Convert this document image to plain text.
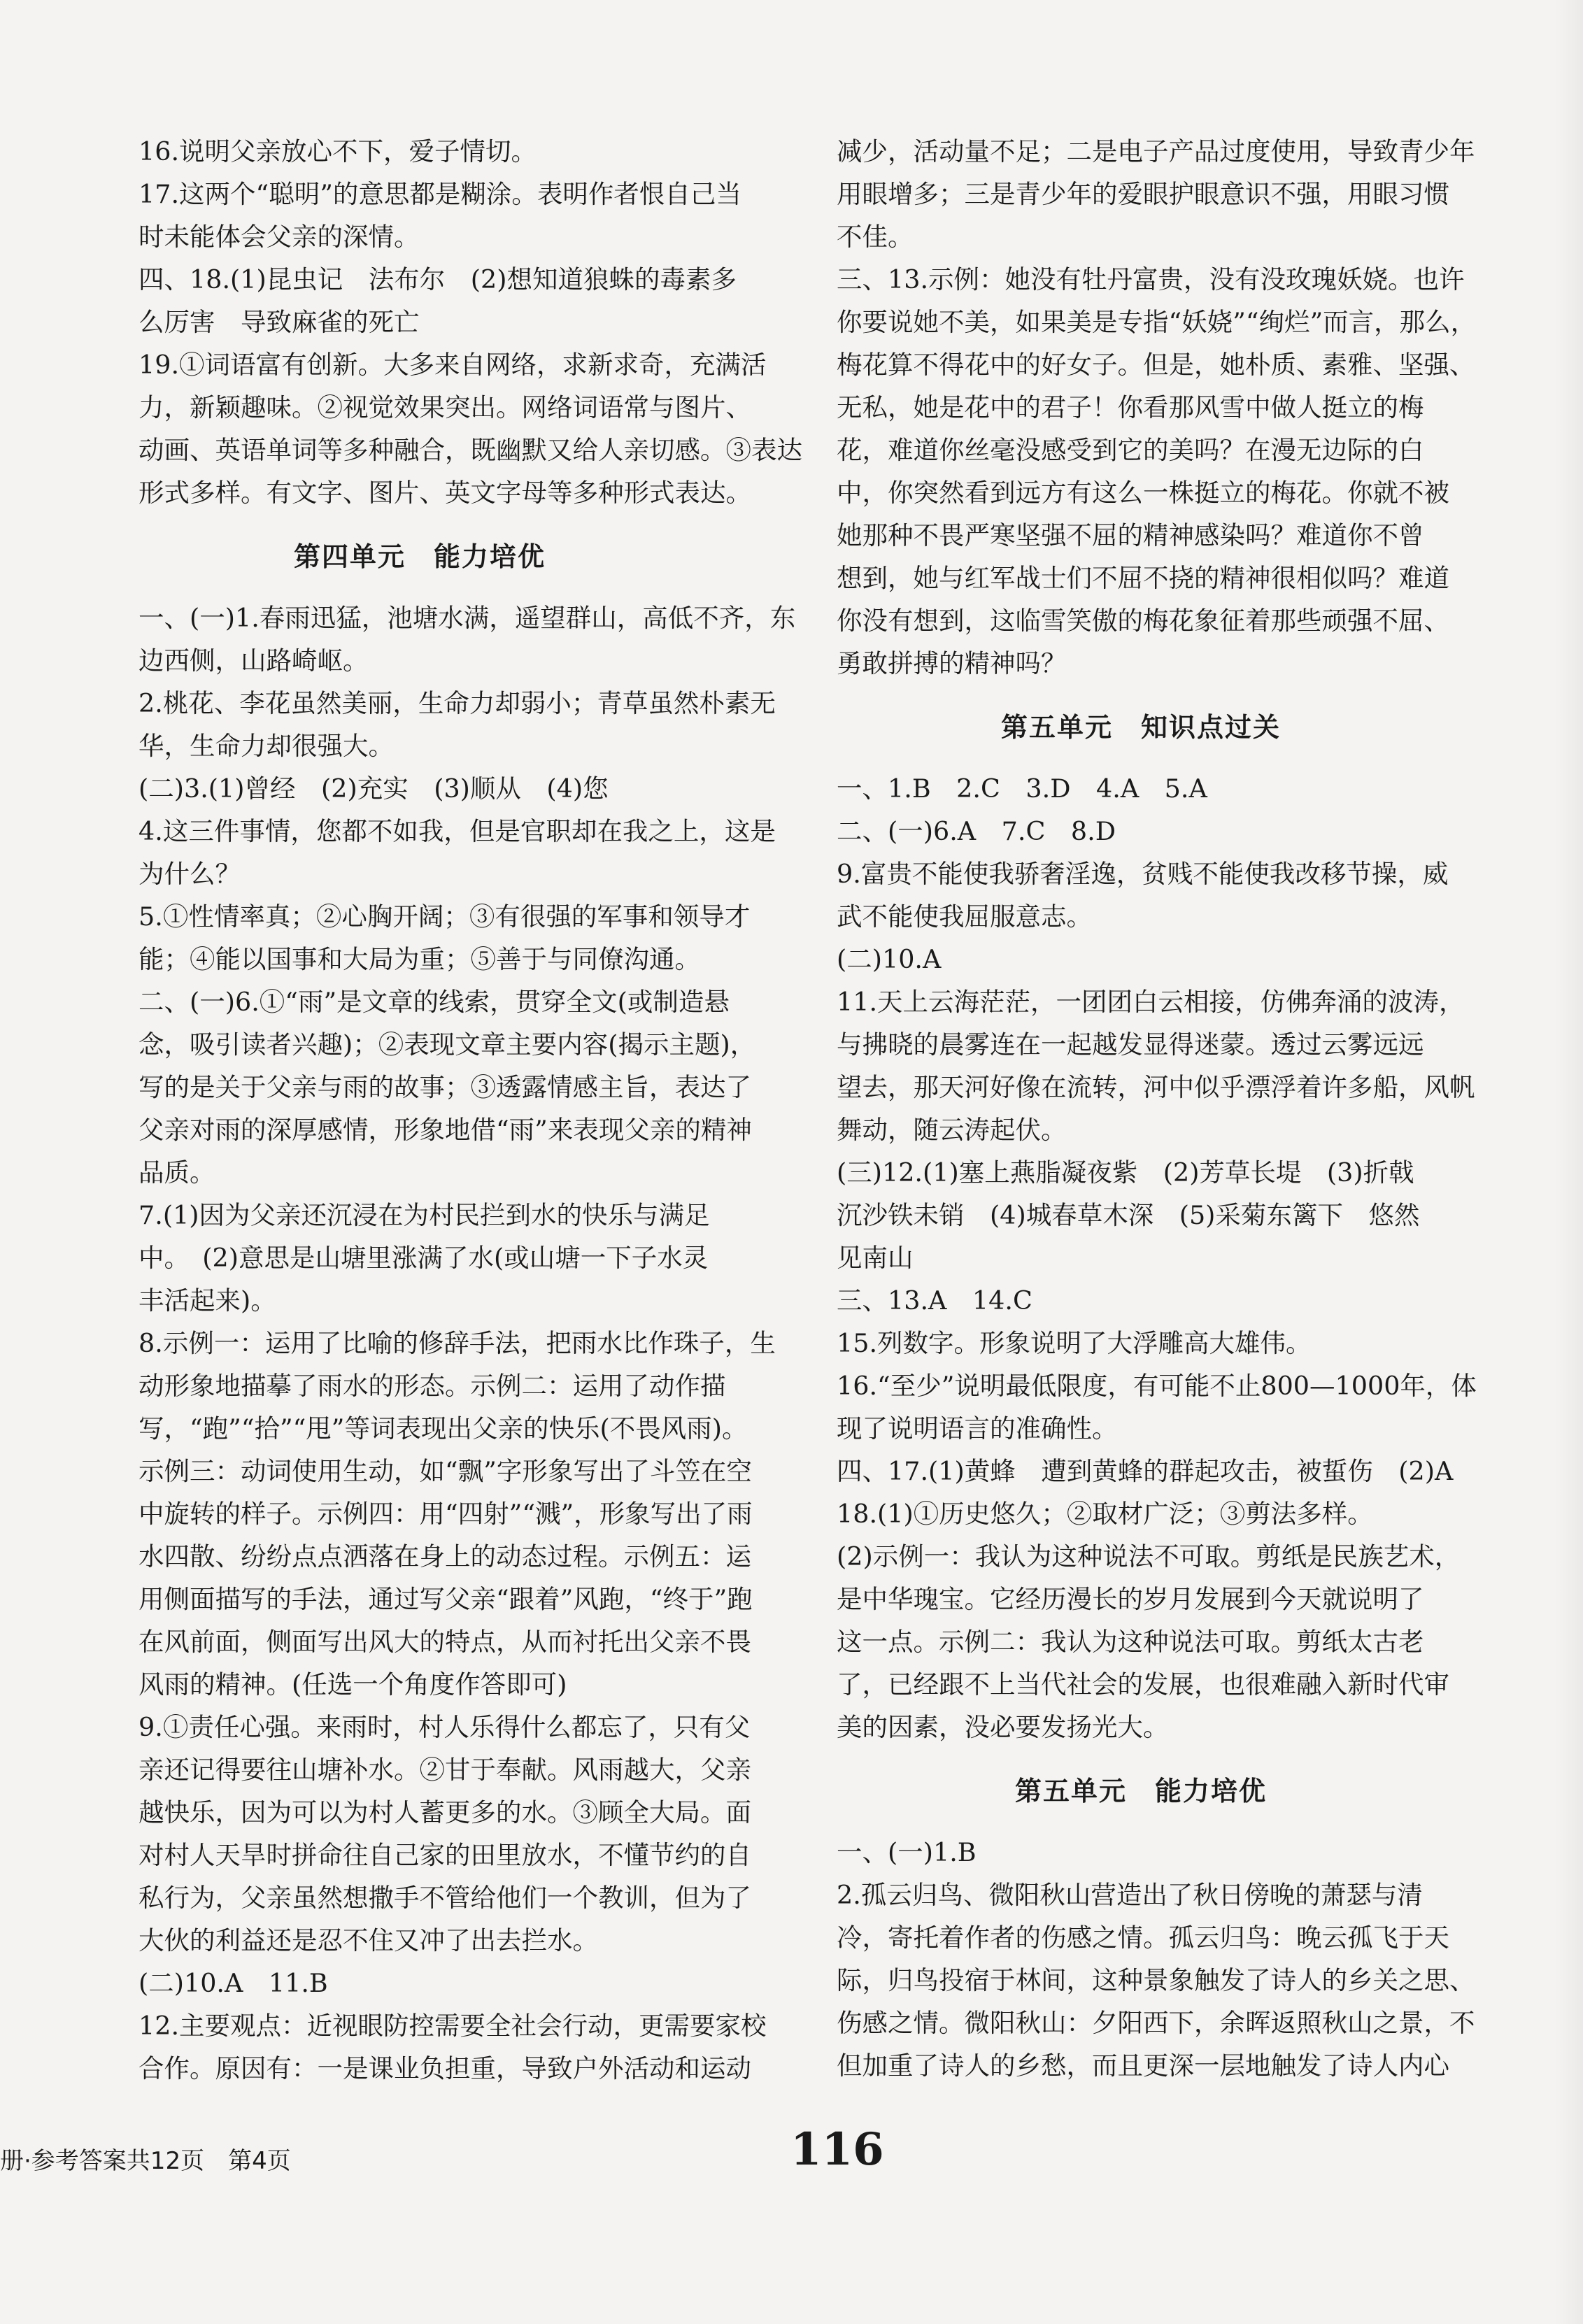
16.说明父亲放心不下，爱子情切。
17.这两个“聪明”的意思都是糊涂。表明作者恨自己当
时未能体会父亲的深情。
四、18.(1)昆虫记　法布尔　(2)想知道狼蛛的毒素多
么厉害　导致麻雀的死亡
19.①词语富有创新。大多来自网络，求新求奇，充满活
力，新颖趣味。②视觉效果突出。网络词语常与图片、
动画、英语单词等多种融合，既幽默又给人亲切感。③表达
形式多样。有文字、图片、英文字母等多种形式表达。
第四单元　能力培优
一、(一)1.春雨迅猛，池塘水满，遥望群山，高低不齐，东
边西侧，山路崎岖。
2.桃花、李花虽然美丽，生命力却弱小；青草虽然朴素无
华，生命力却很强大。
(二)3.(1)曾经　(2)充实　(3)顺从　(4)您
4.这三件事情，您都不如我，但是官职却在我之上，这是
为什么？
5.①性情率真；②心胸开阔；③有很强的军事和领导才
能；④能以国事和大局为重；⑤善于与同僚沟通。
二、(一)6.①“雨”是文章的线索，贯穿全文(或制造悬
念，吸引读者兴趣)；②表现文章主要内容(揭示主题)，
写的是关于父亲与雨的故事；③透露情感主旨，表达了
父亲对雨的深厚感情，形象地借“雨”来表现父亲的精神
品质。
7.(1)因为父亲还沉浸在为村民拦到水的快乐与满足
中。　(2)意思是山塘里涨满了水(或山塘一下子水灵
丰活起来)。
8.示例一：运用了比喻的修辞手法，把雨水比作珠子，生
动形象地描摹了雨水的形态。示例二：运用了动作描
写，“跑”“拾”“甩”等词表现出父亲的快乐(不畏风雨)。
示例三：动词使用生动，如“飘”字形象写出了斗笠在空
中旋转的样子。示例四：用“四射”“溅”，形象写出了雨
水四散、纷纷点点洒落在身上的动态过程。示例五：运
用侧面描写的手法，通过写父亲“跟着”风跑，“终于”跑
在风前面，侧面写出风大的特点，从而衬托出父亲不畏
风雨的精神。(任选一个角度作答即可)
9.①责任心强。来雨时，村人乐得什么都忘了，只有父
亲还记得要往山塘补水。②甘于奉献。风雨越大，父亲
越快乐，因为可以为村人蓄更多的水。③顾全大局。面
对村人天旱时拼命往自己家的田里放水，不懂节约的自
私行为，父亲虽然想撒手不管给他们一个教训，但为了
大伙的利益还是忍不住又冲了出去拦水。
(二)10.A　11.B
12.主要观点：近视眼防控需要全社会行动，更需要家校
合作。原因有：一是课业负担重，导致户外活动和运动
减少，活动量不足；二是电子产品过度使用，导致青少年
用眼增多；三是青少年的爱眼护眼意识不强，用眼习惯
不佳。
三、13.示例：她没有牡丹富贵，没有没玫瑰妖娆。也许
你要说她不美，如果美是专指“妖娆”“绚烂”而言，那么，
梅花算不得花中的好女子。但是，她朴质、素雅、坚强、
无私，她是花中的君子！你看那风雪中做人挺立的梅
花，难道你丝毫没感受到它的美吗？在漫无边际的白
中，你突然看到远方有这么一株挺立的梅花。你就不被
她那种不畏严寒坚强不屈的精神感染吗？难道你不曾
想到，她与红军战士们不屈不挠的精神很相似吗？难道
你没有想到，这临雪笑傲的梅花象征着那些顽强不屈、
勇敢拼搏的精神吗？
第五单元　知识点过关
一、1.B　2.C　3.D　4.A　5.A
二、(一)6.A　7.C　8.D
9.富贵不能使我骄奢淫逸，贫贱不能使我改移节操，威
武不能使我屈服意志。
(二)10.A
11.天上云海茫茫，一团团白云相接，仿佛奔涌的波涛，
与拂晓的晨雾连在一起越发显得迷蒙。透过云雾远远
望去，那天河好像在流转，河中似乎漂浮着许多船，风帆
舞动，随云涛起伏。
(三)12.(1)塞上燕脂凝夜紫　(2)芳草长堤　(3)折戟
沉沙铁未销　(4)城春草木深　(5)采菊东篱下　悠然
见南山
三、13.A　14.C
15.列数字。形象说明了大浮雕高大雄伟。
16.“至少”说明最低限度，有可能不止800—1000年，体
现了说明语言的准确性。
四、17.(1)黄蜂　遭到黄蜂的群起攻击，被蜇伤　(2)A
18.(1)①历史悠久；②取材广泛；③剪法多样。
(2)示例一：我认为这种说法不可取。剪纸是民族艺术，
是中华瑰宝。它经历漫长的岁月发展到今天就说明了
这一点。示例二：我认为这种说法可取。剪纸太古老
了，已经跟不上当代社会的发展，也很难融入新时代审
美的因素，没必要发扬光大。
第五单元　能力培优
一、(一)1.B
2.孤云归鸟、微阳秋山营造出了秋日傍晚的萧瑟与清
冷，寄托着作者的伤感之情。孤云归鸟：晚云孤飞于天
际，归鸟投宿于林间，这种景象触发了诗人的乡关之思、
伤感之情。微阳秋山：夕阳西下，余晖返照秋山之景，不
但加重了诗人的乡愁，而且更深一层地触发了诗人内心
册·参考答案共12页　第4页	116
